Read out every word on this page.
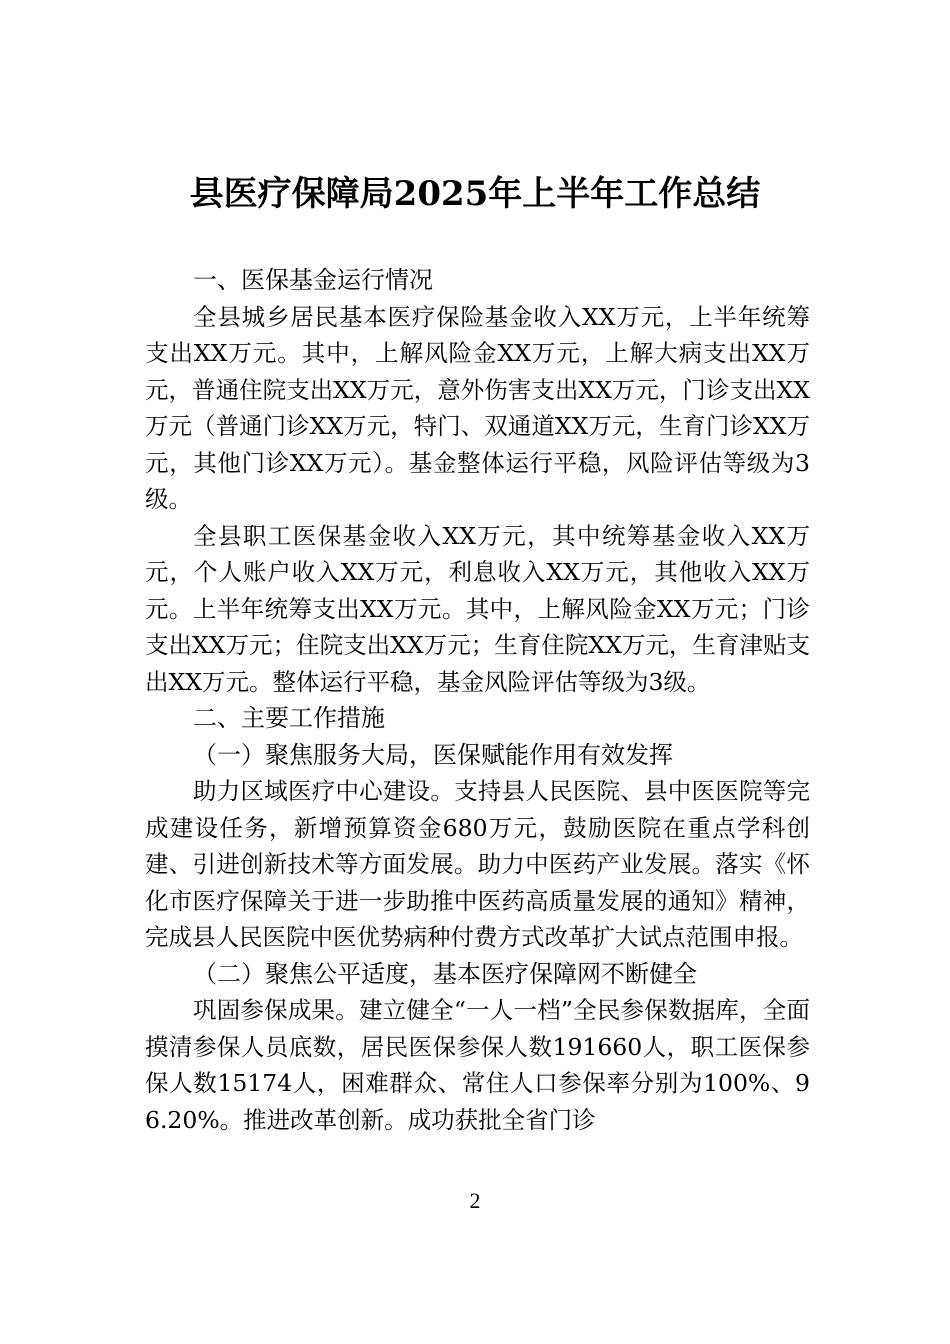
县医疗保障局2025年上半年工作总结

一、医保基金运行情况

全县城乡居民基本医疗保险基金收入XX万元，上半年统筹支出XX万元。其中，上解风险金XX万元，上解大病支出XX万元，普通住院支出XX万元，意外伤害支出XX万元，门诊支出XX万元（普通门诊XX万元，特门、双通道XX万元，生育门诊XX万元，其他门诊XX万元）。基金整体运行平稳，风险评估等级为3级。

全县职工医保基金收入XX万元，其中统筹基金收入XX万元，个人账户收入XX万元，利息收入XX万元，其他收入XX万元。上半年统筹支出XX万元。其中，上解风险金XX万元；门诊支出XX万元；住院支出XX万元；生育住院XX万元，生育津贴支出XX万元。整体运行平稳，基金风险评估等级为3级。

二、主要工作措施

（一）聚焦服务大局，医保赋能作用有效发挥

助力区域医疗中心建设。支持县人民医院、县中医医院等完成建设任务，新增预算资金680万元，鼓励医院在重点学科创建、引进创新技术等方面发展。助力中医药产业发展。落实《怀化市医疗保障关于进一步助推中医药高质量发展的通知》精神，完成县人民医院中医优势病种付费方式改革扩大试点范围申报。

（二）聚焦公平适度，基本医疗保障网不断健全

巩固参保成果。建立健全“一人一档”全民参保数据库，全面摸清参保人员底数，居民医保参保人数191660人，职工医保参保人数15174人，困难群众、常住人口参保率分别为100%、96.20%。推进改革创新。成功获批全省门诊

2
